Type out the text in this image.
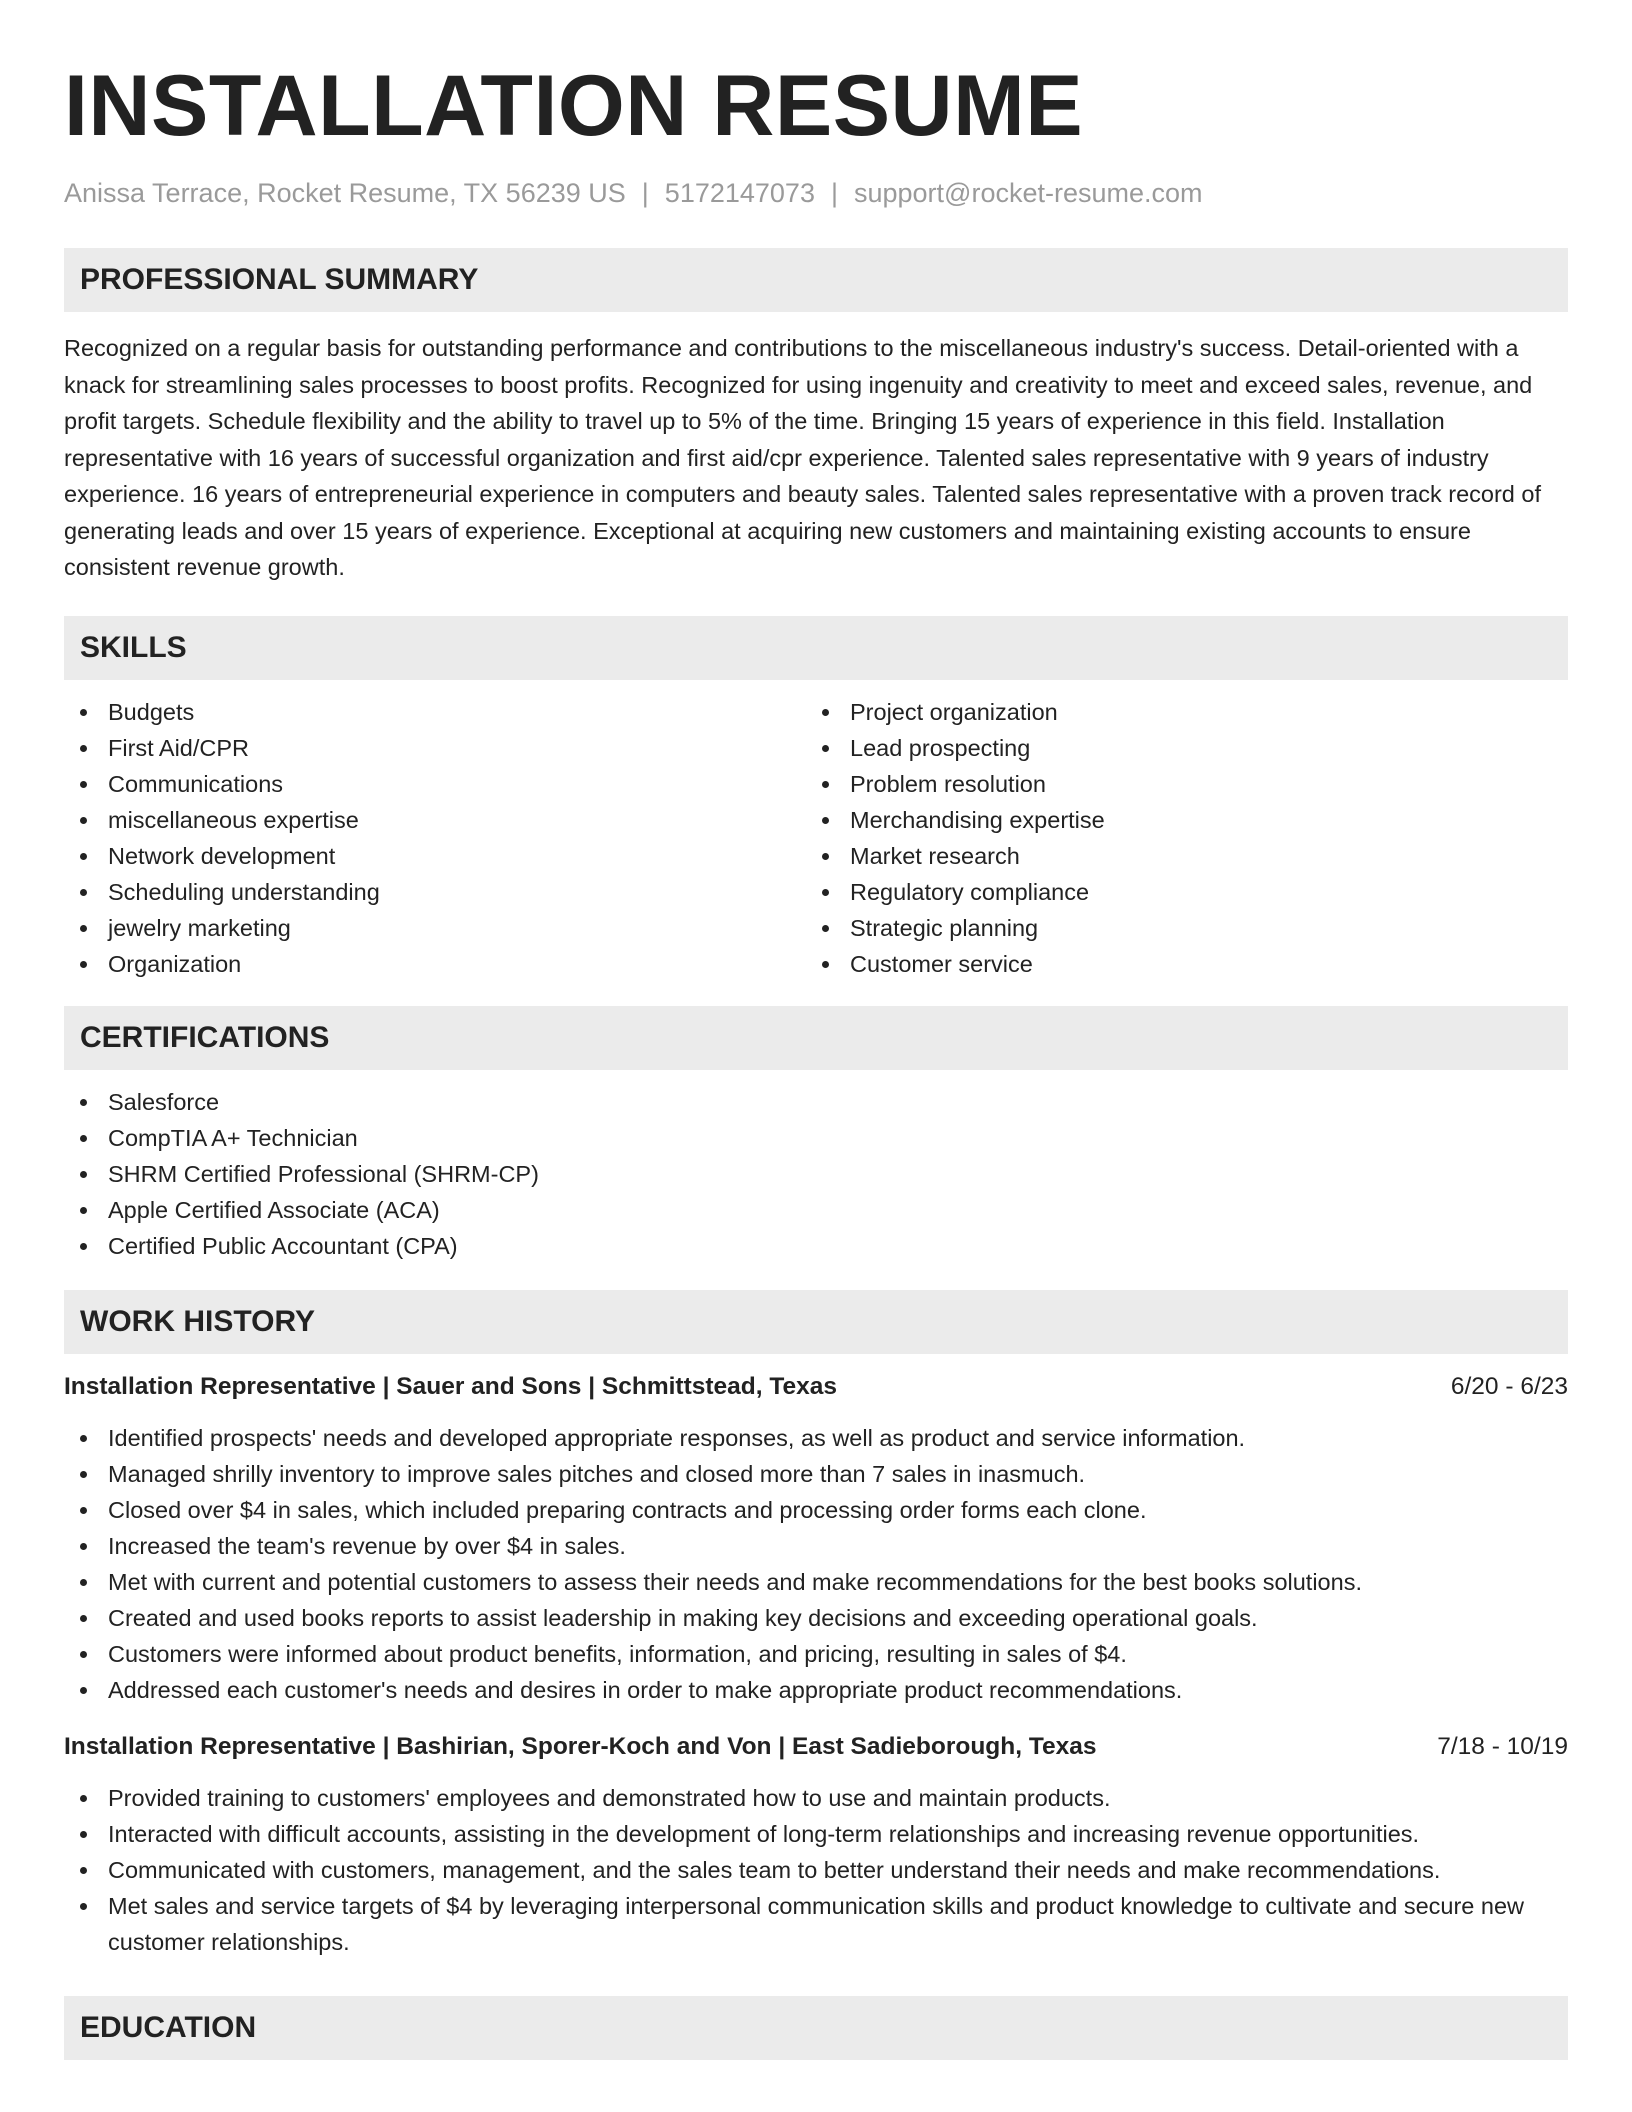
INSTALLATION RESUME
Anissa Terrace, Rocket Resume, TX 56239 US | 5172147073 | support@rocket-resume.com
PROFESSIONAL SUMMARY

Recognized on a regular basis for outstanding performance and contributions to the miscellaneous industry's success. Detail-oriented with a knack for streamlining sales processes to boost profits. Recognized for using ingenuity and creativity to meet and exceed sales, revenue, and profit targets. Schedule flexibility and the ability to travel up to 5% of the time. Bringing 15 years of experience in this field. Installation representative with 16 years of successful organization and first aid/cpr experience. Talented sales representative with 9 years of industry experience. 16 years of entrepreneurial experience in computers and beauty sales. Talented sales representative with a proven track record of generating leads and over 15 years of experience. Exceptional at acquiring new customers and maintaining existing accounts to ensure consistent revenue growth.

SKILLS
Budgets
First Aid/CPR
Communications
miscellaneous expertise
Network development
Scheduling understanding
jewelry marketing
Organization
Project organization
Lead prospecting
Problem resolution
Merchandising expertise
Market research
Regulatory compliance
Strategic planning
Customer service
CERTIFICATIONS
Salesforce
CompTIA A+ Technician
SHRM Certified Professional (SHRM-CP)
Apple Certified Associate (ACA)
Certified Public Accountant (CPA)
WORK HISTORY
Installation Representative | Sauer and Sons | Schmittstead, Texas	6/20 - 6/23
Identified prospects' needs and developed appropriate responses, as well as product and service information.
Managed shrilly inventory to improve sales pitches and closed more than 7 sales in inasmuch.
Closed over $4 in sales, which included preparing contracts and processing order forms each clone.
Increased the team's revenue by over $4 in sales.
Met with current and potential customers to assess their needs and make recommendations for the best books solutions.
Created and used books reports to assist leadership in making key decisions and exceeding operational goals.
Customers were informed about product benefits, information, and pricing, resulting in sales of $4.
Addressed each customer's needs and desires in order to make appropriate product recommendations.
Installation Representative | Bashirian, Sporer-Koch and Von | East Sadieborough, Texas	7/18 - 10/19
Provided training to customers' employees and demonstrated how to use and maintain products.
Interacted with difficult accounts, assisting in the development of long-term relationships and increasing revenue opportunities.
Communicated with customers, management, and the sales team to better understand their needs and make recommendations.
Met sales and service targets of $4 by leveraging interpersonal communication skills and product knowledge to cultivate and secure new customer relationships.
EDUCATION
